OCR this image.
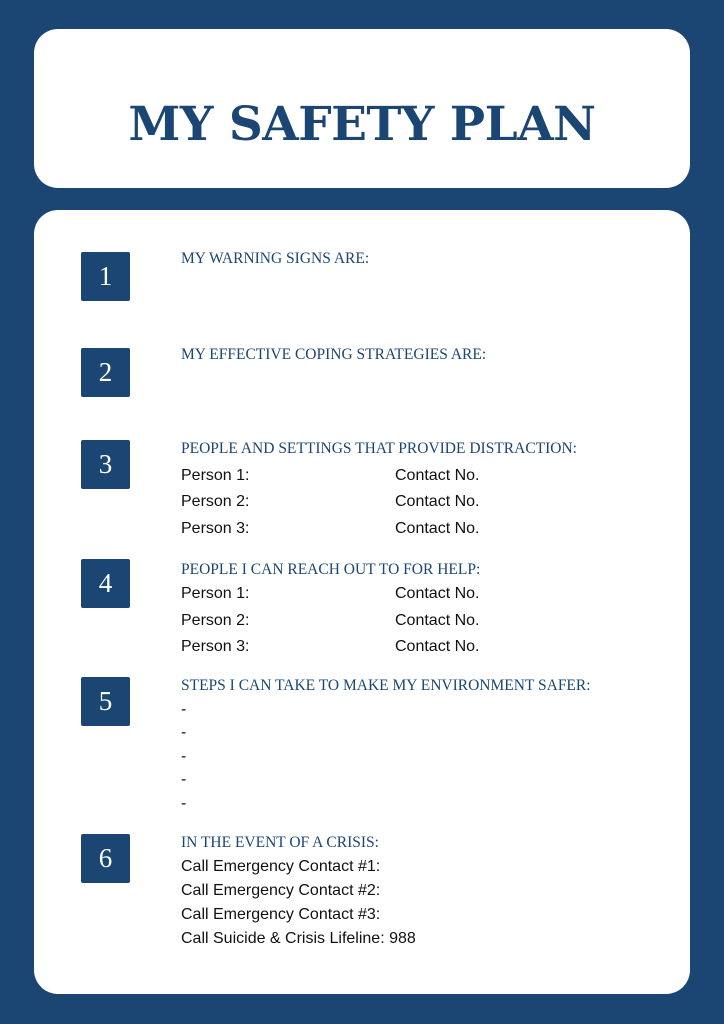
MY SAFETY PLAN
1

MY WARNING SIGNS ARE:

2

MY EFFECTIVE COPING STRATEGIES ARE:

3

PEOPLE AND SETTINGS THAT PROVIDE DISTRACTION:

Person 1:	Contact No.

Person 2:	Contact No.

Person 3:	Contact No.

4	PEOPLE I CAN REACH OUT TO FOR HELP:

Person 1:	Contact No.

Person 2:	Contact No.

Person 3:	Contact No.

5

STEPS I CAN TAKE TO MAKE MY ENVIRONMENT SAFER:

-

-

-

-

-

6

IN THE EVENT OF A CRISIS:

Call Emergency Contact #1:

Call Emergency Contact #2:

Call Emergency Contact #3:

Call Suicide & Crisis Lifeline: 988
